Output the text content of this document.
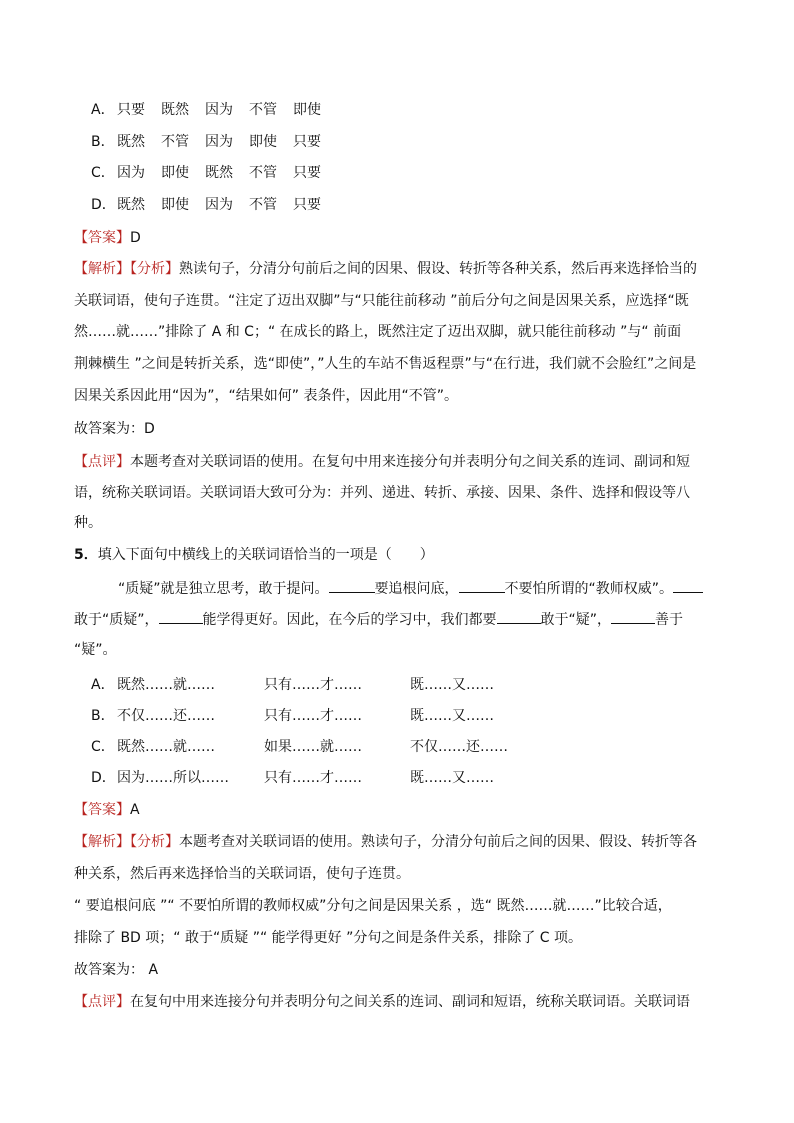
A． 只要 既然 因为 不管 即使
B． 既然 不管 因为 即使 只要
C． 因为 即使 既然 不管 只要
D． 既然 即使 因为 不管 只要
【答案】D
【解析】【分析】熟读句子，分清分句前后之间的因果、假设、转折等各种关系，然后再来选择恰当的
关联词语，使句子连贯。“注定了迈出双脚”与“只能往前移动 ”前后分句之间是因果关系，应选择“既
然……就……”排除了 A 和 C；“ 在成长的路上，既然注定了迈出双脚，就只能往前移动 ”与“ 前面
荆棘横生 ”之间是转折关系，选“即使”，”人生的车站不售返程票”与“在行进，我们就不会脸红”之间是
因果关系因此用“因为”，“结果如何” 表条件，因此用“不管”。
故答案为：D
【点评】本题考查对关联词语的使用。在复句中用来连接分句并表明分句之间关系的连词、副词和短
语，统称关联词语。关联词语大致可分为：并列、递进、转折、承接、因果、条件、选择和假设等八
种。
5．填入下面句中横线上的关联词语恰当的一项是（　　）
“质疑”就是独立思考，敢于提问。	要追根问底，	不要怕所谓的“教师权威”。
敢于“质疑”，	能学得更好。因此，在今后的学习中，我们都要	敢于“疑”，	善于
“疑”。
A． 既然……就……	只有……才……	既……又……
B． 不仅……还……	只有……才……	既……又……
C． 既然……就……	如果……就……	不仅……还……
D． 因为……所以……	只有……才……	既……又……
【答案】A
【解析】【分析】本题考查对关联词语的使用。熟读句子，分清分句前后之间的因果、假设、转折等各
种关系，然后再来选择恰当的关联词语，使句子连贯。
“ 要追根问底 ”“ 不要怕所谓的教师权威”分句之间是因果关系 ，选“ 既然……就……”比较合适，
排除了 BD 项；“ 敢于“质疑 ”“ 能学得更好 ”分句之间是条件关系，排除了 C 项。
故答案为： A
【点评】在复句中用来连接分句并表明分句之间关系的连词、副词和短语，统称关联词语。关联词语
